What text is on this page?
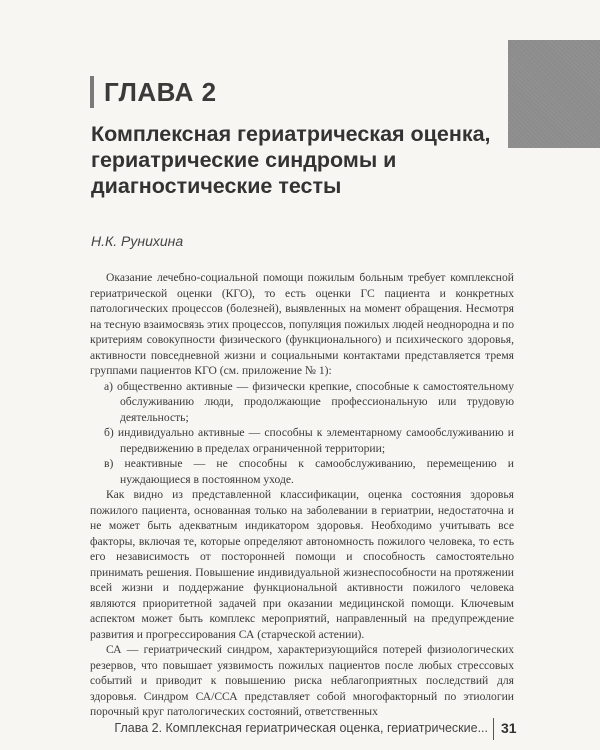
ГЛАВА 2
Комплексная гериатрическая оценка, гериатрические синдромы и диагностические тесты
Н.К. Рунихина

Оказание лечебно-социальной помощи пожилым больным требует комплексной гериатрической оценки (КГО), то есть оценки ГС пациента и конкретных патологических процессов (болезней), выявленных на момент обращения. Несмотря на тесную взаимосвязь этих процессов, популяция пожилых людей неоднородна и по критериям совокупности физического (функционального) и психического здоровья, активности повседневной жизни и социальными контактами представляется тремя группами пациентов КГО (см. приложение № 1):

а) общественно активные — физически крепкие, способные к самостоятельному обслуживанию люди, продолжающие профессиональную или трудовую деятельность;

б) индивидуально активные — способны к элементарному самообслуживанию и передвижению в пределах ограниченной территории;

в) неактивные — не способны к самообслуживанию, перемещению и нуждающиеся в постоянном уходе.

Как видно из представленной классификации, оценка состояния здоровья пожилого пациента, основанная только на заболевании в гериатрии, недостаточна и не может быть адекватным индикатором здоровья. Необходимо учитывать все факторы, включая те, которые определяют автономность пожилого человека, то есть его независимость от посторонней помощи и способность самостоятельно принимать решения. Повышение индивидуальной жизнеспособности на протяжении всей жизни и поддержание функциональной активности пожилого человека являются приоритетной задачей при оказании медицинской помощи. Ключевым аспектом может быть комплекс мероприятий, направленный на предупреждение развития и прогрессирования СА (старческой астении).

СА — гериатрический синдром, характеризующийся потерей физиологических резервов, что повышает уязвимость пожилых пациентов после любых стрессовых событий и приводит к повышению риска неблагоприятных последствий для здоровья. Синдром СА/ССА представляет собой многофакторный по этиологии порочный круг патологических состояний, ответственных

Глава 2. Комплексная гериатрическая оценка, гериатрические... 31
